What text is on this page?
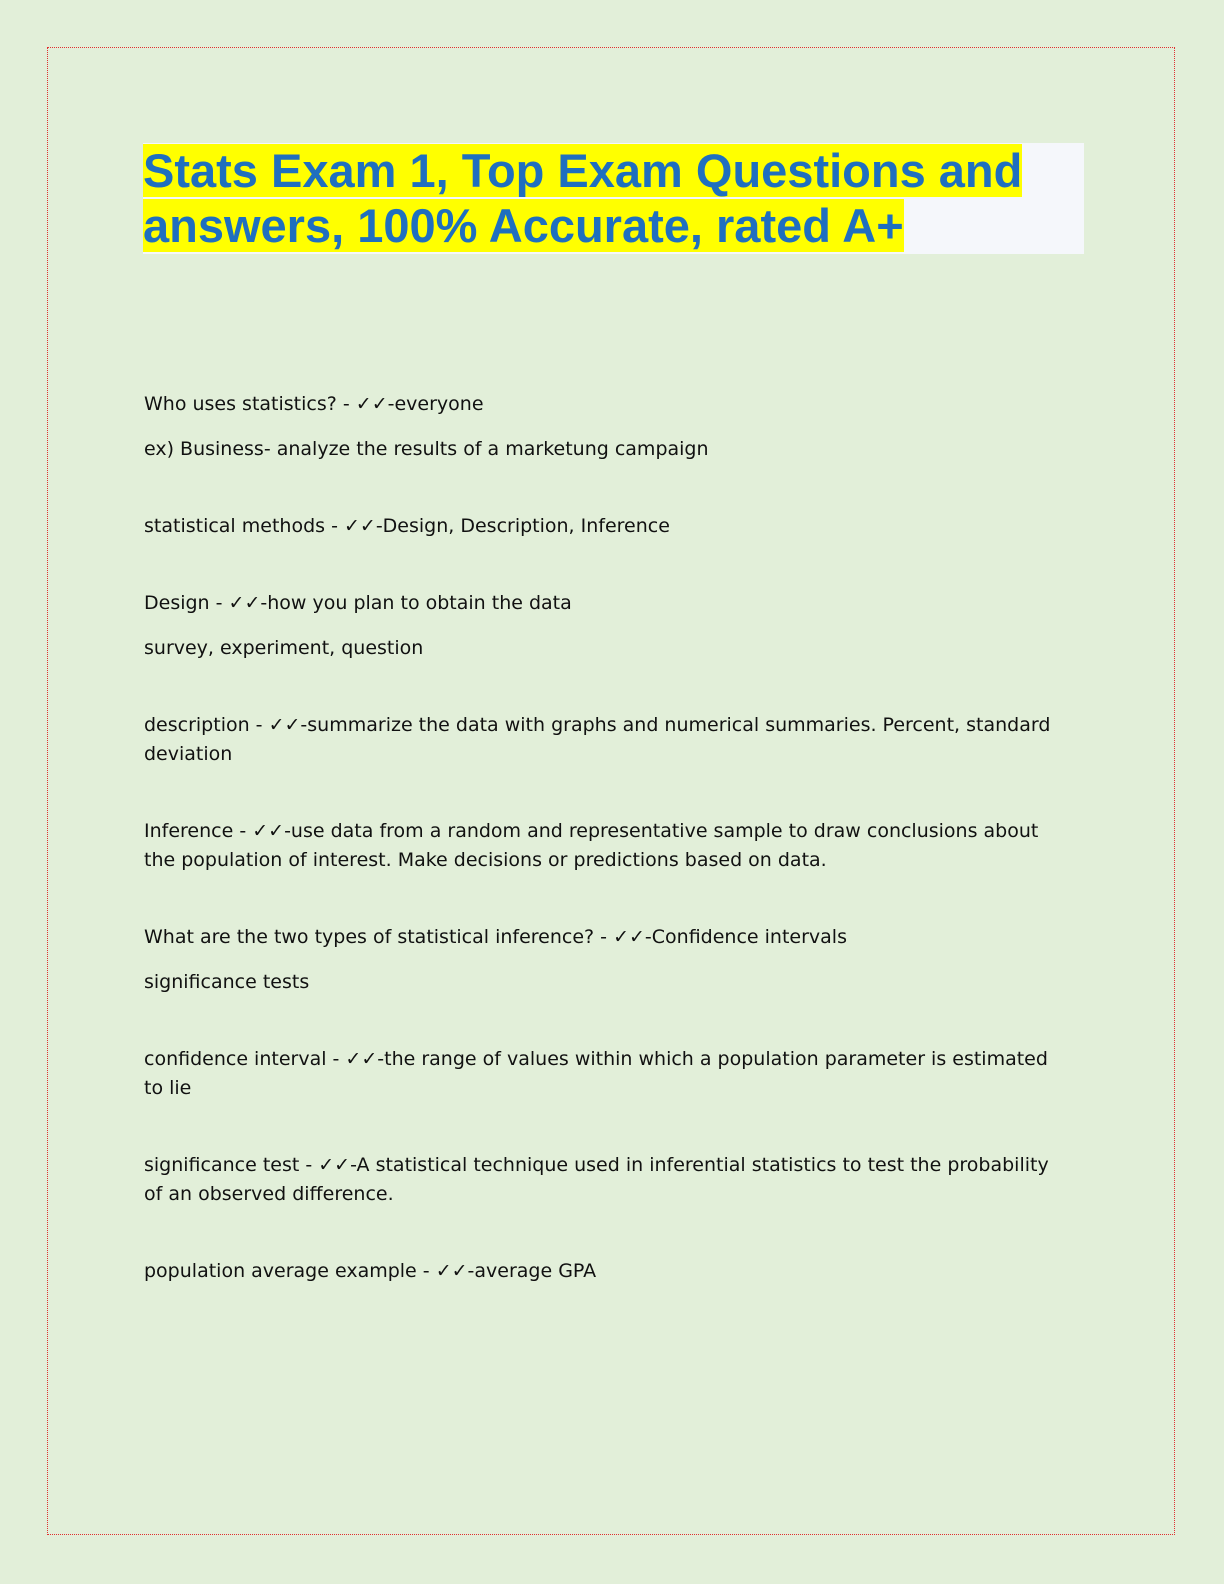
Stats Exam 1, Top Exam Questions and answers, 100% Accurate, rated A+

Who uses statistics? - ✓✓-everyone

ex) Business- analyze the results of a marketung campaign

statistical methods - ✓✓-Design, Description, Inference

Design - ✓✓-how you plan to obtain the data

survey, experiment, question

description - ✓✓-summarize the data with graphs and numerical summaries. Percent, standard deviation

Inference - ✓✓-use data from a random and representative sample to draw conclusions about the population of interest. Make decisions or predictions based on data.

What are the two types of statistical inference? - ✓✓-Confidence intervals

significance tests

confidence interval - ✓✓-the range of values within which a population parameter is estimated to lie

significance test - ✓✓-A statistical technique used in inferential statistics to test the probability of an observed difference.

population average example - ✓✓-average GPA
